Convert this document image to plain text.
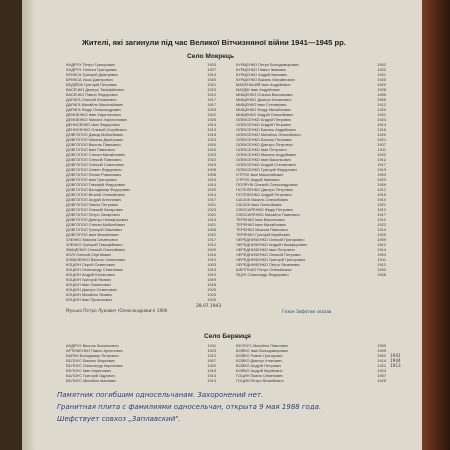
Жителі, які загинули під час Великої Вітчизняної війни 1941—1945 рр.
Село Мокрець
АНДРУХ Петро Григорович	1903
АНДРУХ Олекса Григорович	1907
БРИКСА Григорій Дмитрович	1914
БРИКСА Ілько Дмитрович	1920
БЕДІЙОК Григорій Петрович	1921
ВАСЕЧКО Дмитро Тимофійович	1923
ВАСЕЧКО Павло Федорович	1912
ДАРАГА Олексій Юліанович	1917
ДАРАГА Михайло Миколайович	1917
ДАРАГА Федір Олександрович	1903
ДЕМЧЕНКО Іван Харитонович	1922
ДЕМЧЕНКО Микола Харитонович	1925
ДЕНИСЕНКО Іван Федорович	1914
ДЕНИСЕНКО Олексій Сергійович	1913
ДОВГОПОЛ Давид Мойсейович	1918
ДОВГОПОЛ Микола Дмитрович	1923
ДОВГОПОЛ Василь Павлович	1920
ДОВГОПОЛ Іван Павлович	1915
ДОВГОПОЛ Степан Михайлович	1923
ДОВГОПОЛ Олексій Павлович	1922
ДОВГОПОЛ Олексій Семенович	1915
ДОВГОПОЛ Семен Федорович	1905
ДОВГОПОЛ Пилип Романович	1908
ДОВГОПОЛ Іван Григорович	1915
ДОВГОПОЛ Тимофій Федорович	1914
ДОВГОПОЛ Володимир Федорович	1920
ДОВГОПОЛ Віталій Олексійович	1914
ДОВГОПОЛ Андрій Антонович	1917
ДОВГОПОЛ Павло Петрович	1921
ДОВГОПОЛ Олексій Захарович	1923
ДОВГОПОЛ Петро Захарович	1921
ДОВГОПОЛ Дмитро Никифорович	1914
ДОВГОПОЛ Степан Мойсейович	1921
ДОВГОПОЛ Григорій Павлович	1908
ДОВГОПОЛ Іван Михайлович	1922
ЗЛЕНКО Микола Семенович	1917
ЗЛЕНКО Григорій Тимофійович	1912
ІВАЩЕНКО Олексій Олексійович	1909
КОЛІ Олексій Сергійович	1916
КОВАЛЕНКО Василь Семенович	1910
КОЦЮН Сергій Семенович	1903
КОЦЮН Олександр Семенович	1915
КОЦЮН Андрій Юліанович	1919
КОЦЮН Григорій Якович	1909
КОЦЮН Іван Семенович	1918
КОЦЮН Дмитро Семенович	1925
КОЦЮН Михайло Якович	1923
КОЦЮН Іван Прокопович	1920
КУЯЦЕНКО Петро Володимирович	1902
КУЯЦЕНКО Павло Іванович	1922
КУЯЦЕНКО Андрій Іванович	1921
КУЯЦЕНКО Василь Михайлович	1925
МАЛЕНЬКИЙ Іван Андрійович	1920
МАГДІК Іван Андрійович	1926
МИЩЕНКО Олекса Васильович	1905
МИЩЕНКО Дмитро Калинович	1906
МИЩЕНКО Іван Степанович	1912
МИЩЕНКО Федір Михайлович	1920
МИЩЕНКО Андрій Олексійович	1921
ОЛЕКСЕНКО Андрій Петрович	1924
ОЛЕКСЕНКО Андрій Петрович	1914
ОЛЕКСЕНКО Василь Андрійович	1916
ОЛЕКСЕНКО Михайло Олексійович	1920
ОЛЕКСЕНКО Василь Петрович	1921
ОЛЕКСЕНКО Дмитро Петрович	1907
ОЛЕКСЕНКО Іван Петрович	1911
ОЛЕКСЕНКО Микола Андрійович	1922
ОЛЕКСЕНКО Іван Васильович	1912
ОЛЕКСЕНКО Андрій Степанович	1917
ОЛЕКСЕНКО Григорій Федорович	1919
ОТРОХ Іван Миколайович	1903
ОТРОХ Андрій Іванович	1923
ПОПРУЖ Олексій Олександрович	1909
ПОТЕЛЕНКО Дмитро Петрович	1912
ПОТЕЛЕНКО Андрій Петрович	1919
САСЮК Василь Олексійович	1910
САСЮК Іван Олексійович	1921
СЛЮСАРЕНКО Федір Петрович	1912
СЛЮСАРЕНКО Михайло Павлович	1917
ТЕРЕНКО Іван Васильович	1912
ТЕРЕНКО Іван Михайлович	1922
ТЕРЕНКО Микола Павлович	1914
ТЕРЕНКО Григорій Мусійович	1920
ЧЕРЕДНИЧЕНКО Олексій Григорович	1909
ЧЕРЕДНИЧЕНКО Андрій Никифорович	1912
ЧЕРЕДНИЧЕНКО Іван Петрович	1914
ЧЕРЕДНИЧЕНКО Олексій Петрович	1903
ЧЕРЕДНИЧЕНКО Григорій Григорович	1911
ЧЕРЕДНИЧЕНКО Петро Яковлевич	1913
ШЕПІТЬКО Петро Олексійович	1902
ЯЦУК Олександр Федорович	1908
Мусько Петро Лукович (Олександрович) 1906
28.07.1943
Гезон Зафотин сказав
Село Бервиця
АНДРУХ Василь Васильович	1911
АРТЕМЕНКО Павло Арсенович	1923
БАРАН Володимир Петрович	1912
БЕЛОУС Василь Маркович	1907
БЕЛОУС Олександр Кирилович	1902
БЕЛОУС Іван Кирилович	1915
БАЛОУС Григорій Одрович	1914
БЕЛОУС Михайло Іванович	1913
БЕЛОУС Михайло Павлович	1909
БОЙКО Іван Володимирович	1905
БОЙКО Павло Григорович	1902
БОЙКО Дмитро Ігнатович	1914
БОЙКО Андрій Петрович	1921
БОЙКО Андрій Мусійович	1923
ГОЦИН Павло Семенович	1907
ГОЦИН Петро Віталійович	1925
1941
1944
1913
Памятник погибшим односельчанам. Захоронений нет.
Гранитная плита с фамилиями односельчан, открыта 9 мая 1988 года.
Шефствует совхоз „Заплавский".
